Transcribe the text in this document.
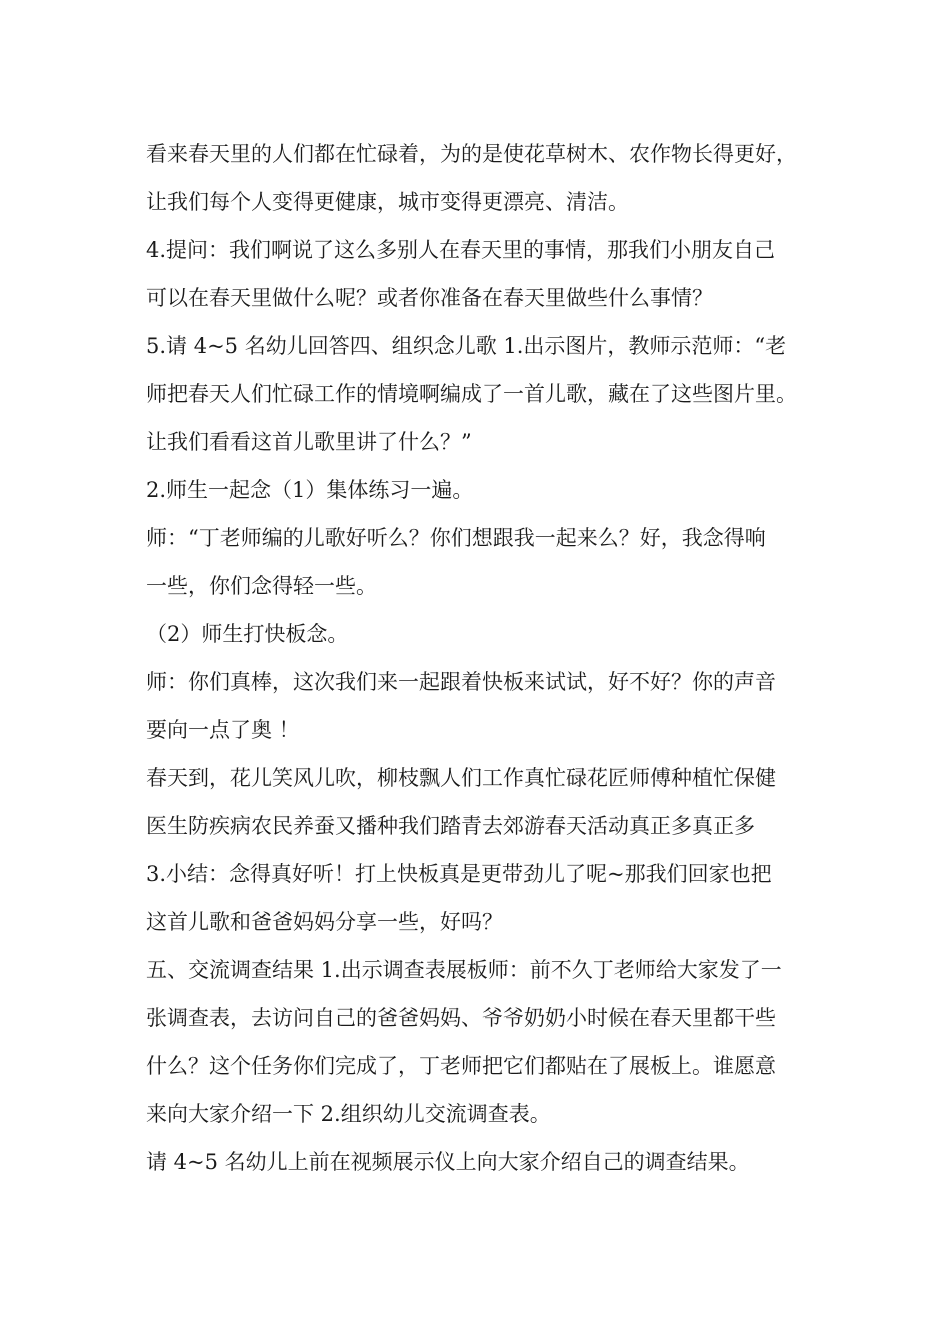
看来春天里的人们都在忙碌着，为的是使花草树木、农作物长得更好，
让我们每个人变得更健康，城市变得更漂亮、清洁。
4.提问：我们啊说了这么多别人在春天里的事情，那我们小朋友自己
可以在春天里做什么呢？或者你准备在春天里做些什么事情？
5.请 4~5 名幼儿回答四、组织念儿歌 1.出示图片，教师示范师：“老
师把春天人们忙碌工作的情境啊编成了一首儿歌，藏在了这些图片里。
让我们看看这首儿歌里讲了什么？”
2.师生一起念（1）集体练习一遍。
师：“丁老师编的儿歌好听么？你们想跟我一起来么？好，我念得响
一些，你们念得轻一些。
（2）师生打快板念。
师：你们真棒，这次我们来一起跟着快板来试试，好不好？你的声音
要向一点了奥 ！
春天到，花儿笑风儿吹，柳枝飘人们工作真忙碌花匠师傅种植忙保健
医生防疾病农民养蚕又播种我们踏青去郊游春天活动真正多真正多
3.小结：念得真好听！打上快板真是更带劲儿了呢~那我们回家也把
这首儿歌和爸爸妈妈分享一些，好吗？
五、交流调查结果 1.出示调查表展板师：前不久丁老师给大家发了一
张调查表，去访问自己的爸爸妈妈、爷爷奶奶小时候在春天里都干些
什么？这个任务你们完成了，丁老师把它们都贴在了展板上。谁愿意
来向大家介绍一下 2.组织幼儿交流调查表。
请 4~5 名幼儿上前在视频展示仪上向大家介绍自己的调查结果。
